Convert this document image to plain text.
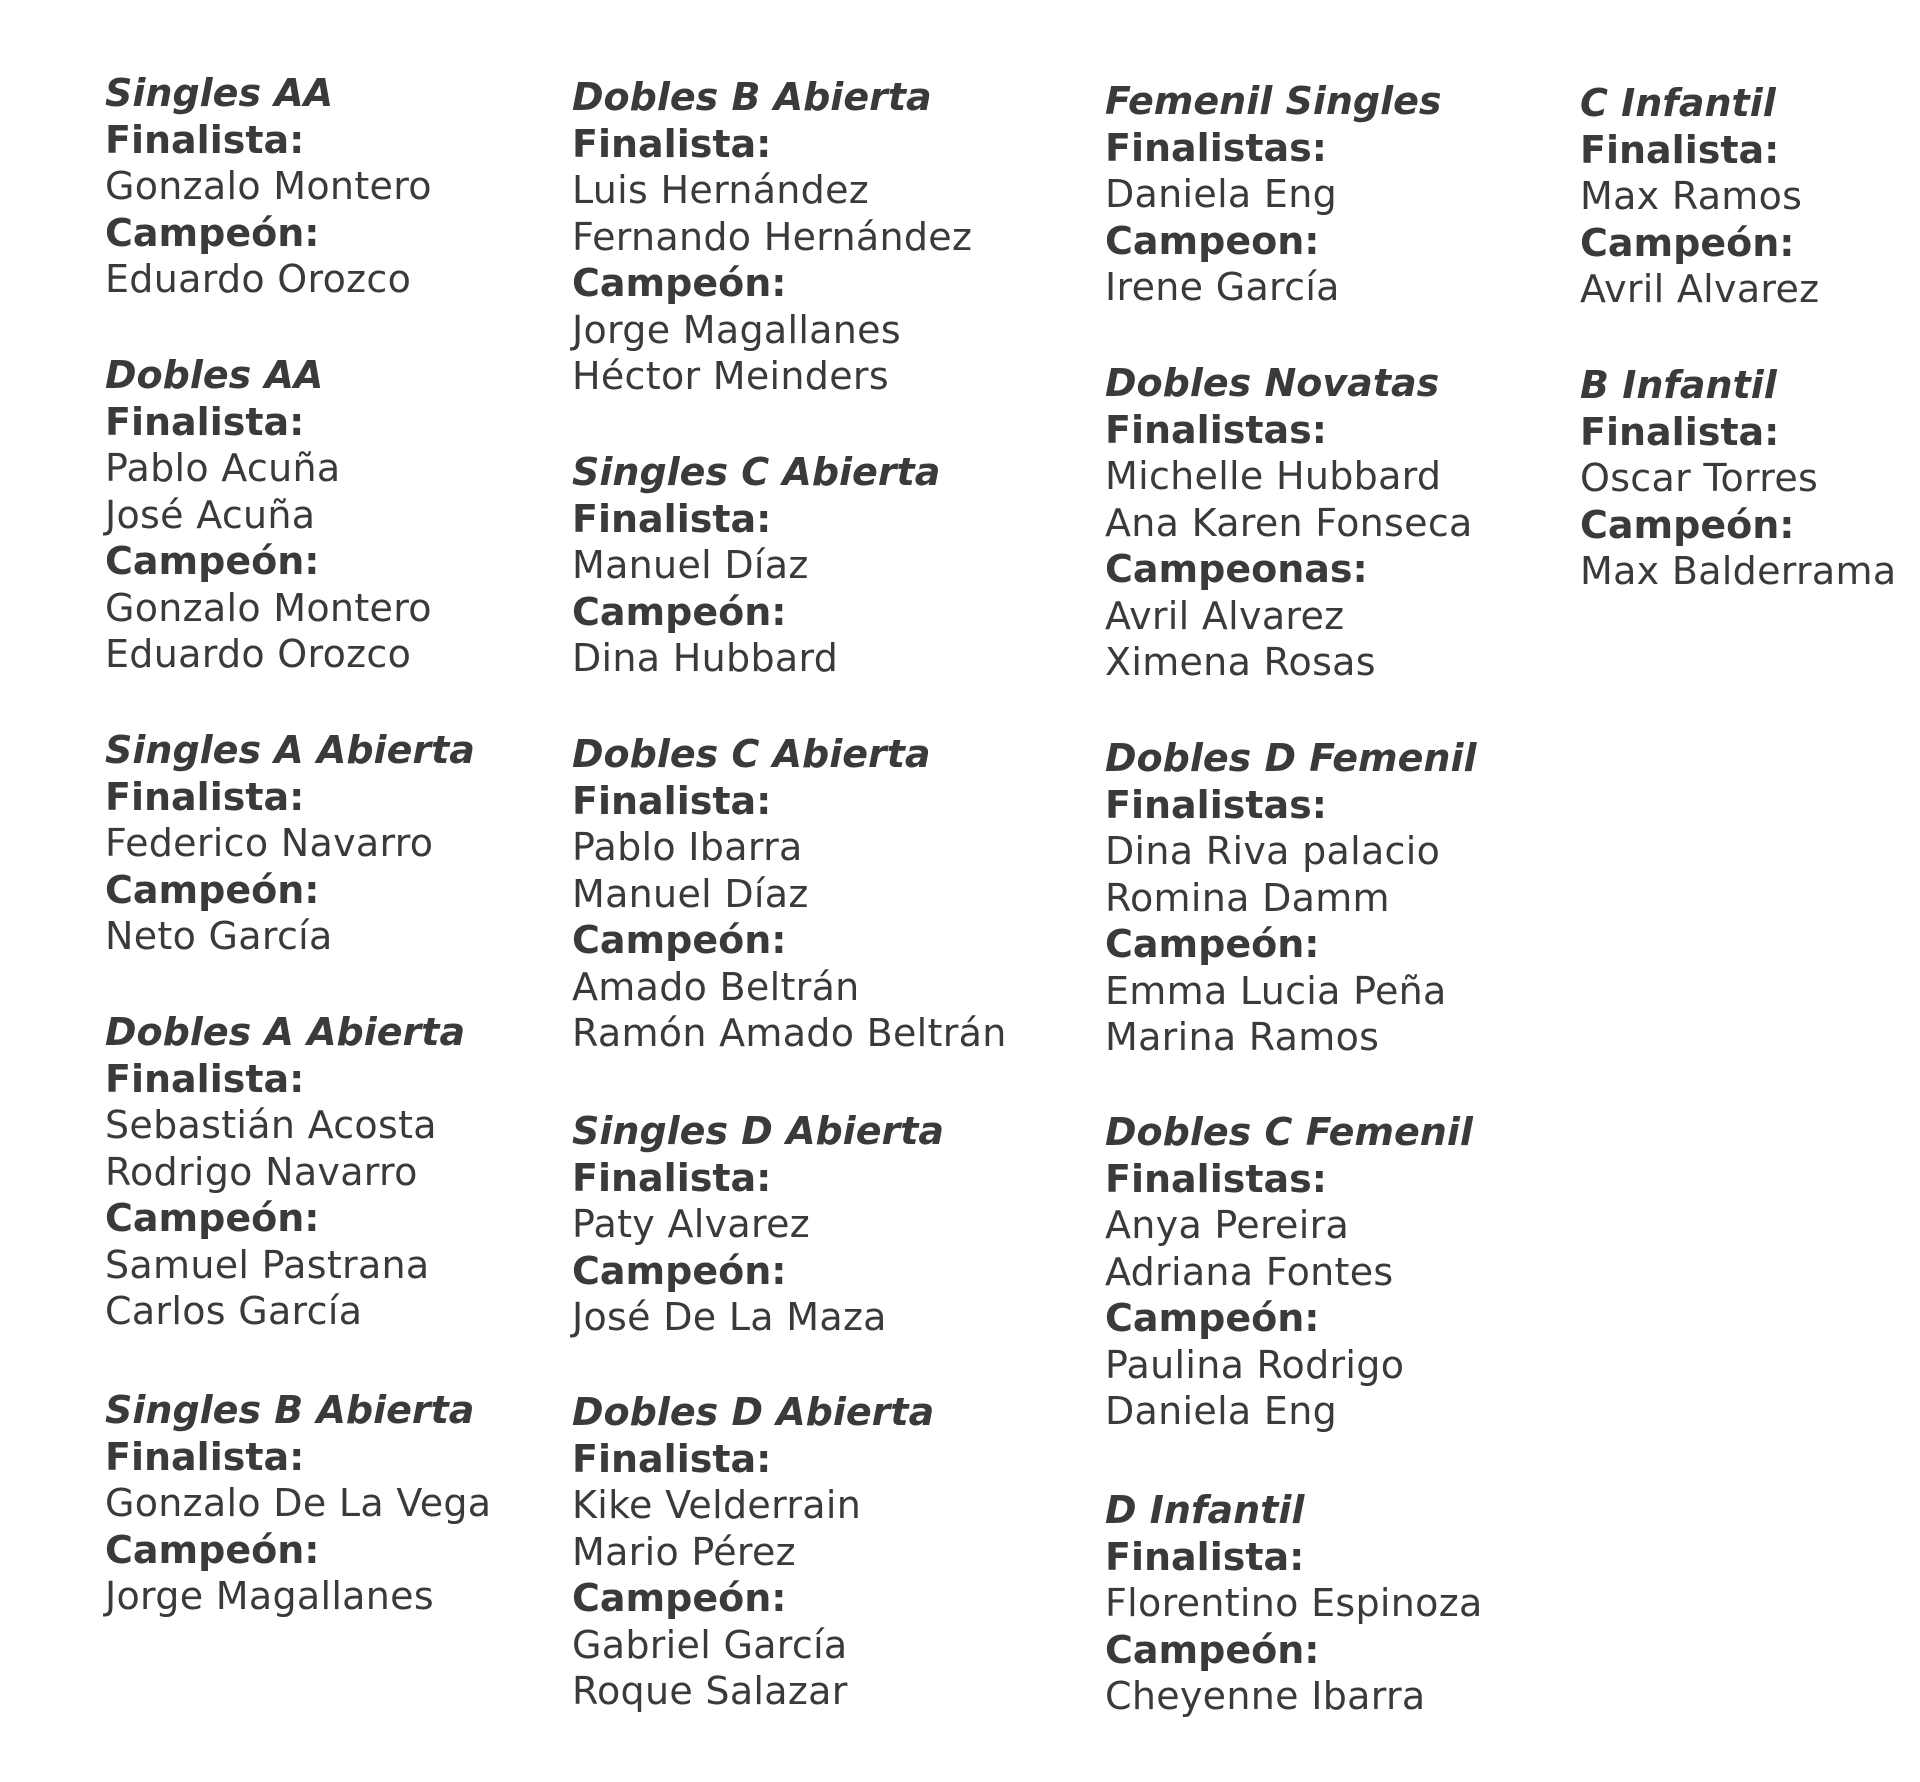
Singles AA
Finalista:
Gonzalo Montero
Campeón:
Eduardo Orozco
Dobles AA
Finalista:
Pablo Acuña
José Acuña
Campeón:
Gonzalo Montero
Eduardo Orozco
Singles A Abierta
Finalista:
Federico Navarro
Campeón:
Neto García
Dobles A Abierta
Finalista:
Sebastián Acosta
Rodrigo Navarro
Campeón:
Samuel Pastrana
Carlos García
Singles B Abierta
Finalista:
Gonzalo De La Vega
Campeón:
Jorge Magallanes
Dobles B Abierta
Finalista:
Luis Hernández
Fernando Hernández
Campeón:
Jorge Magallanes
Héctor Meinders
Singles C Abierta
Finalista:
Manuel Díaz
Campeón:
Dina Hubbard
Dobles C Abierta
Finalista:
Pablo Ibarra
Manuel Díaz
Campeón:
Amado Beltrán
Ramón Amado Beltrán
Singles D Abierta
Finalista:
Paty Alvarez
Campeón:
José De La Maza
Dobles D Abierta
Finalista:
Kike Velderrain
Mario Pérez
Campeón:
Gabriel García
Roque Salazar
Femenil Singles
Finalistas:
Daniela Eng
Campeon:
Irene García
Dobles Novatas
Finalistas:
Michelle Hubbard
Ana Karen Fonseca
Campeonas:
Avril Alvarez
Ximena Rosas
Dobles D Femenil
Finalistas:
Dina Riva palacio
Romina Damm
Campeón:
Emma Lucia Peña
Marina Ramos
Dobles C Femenil
Finalistas:
Anya Pereira
Adriana Fontes
Campeón:
Paulina Rodrigo
Daniela Eng
D Infantil
Finalista:
Florentino Espinoza
Campeón:
Cheyenne Ibarra
C Infantil
Finalista:
Max Ramos
Campeón:
Avril Alvarez
B Infantil
Finalista:
Oscar Torres
Campeón:
Max Balderrama
